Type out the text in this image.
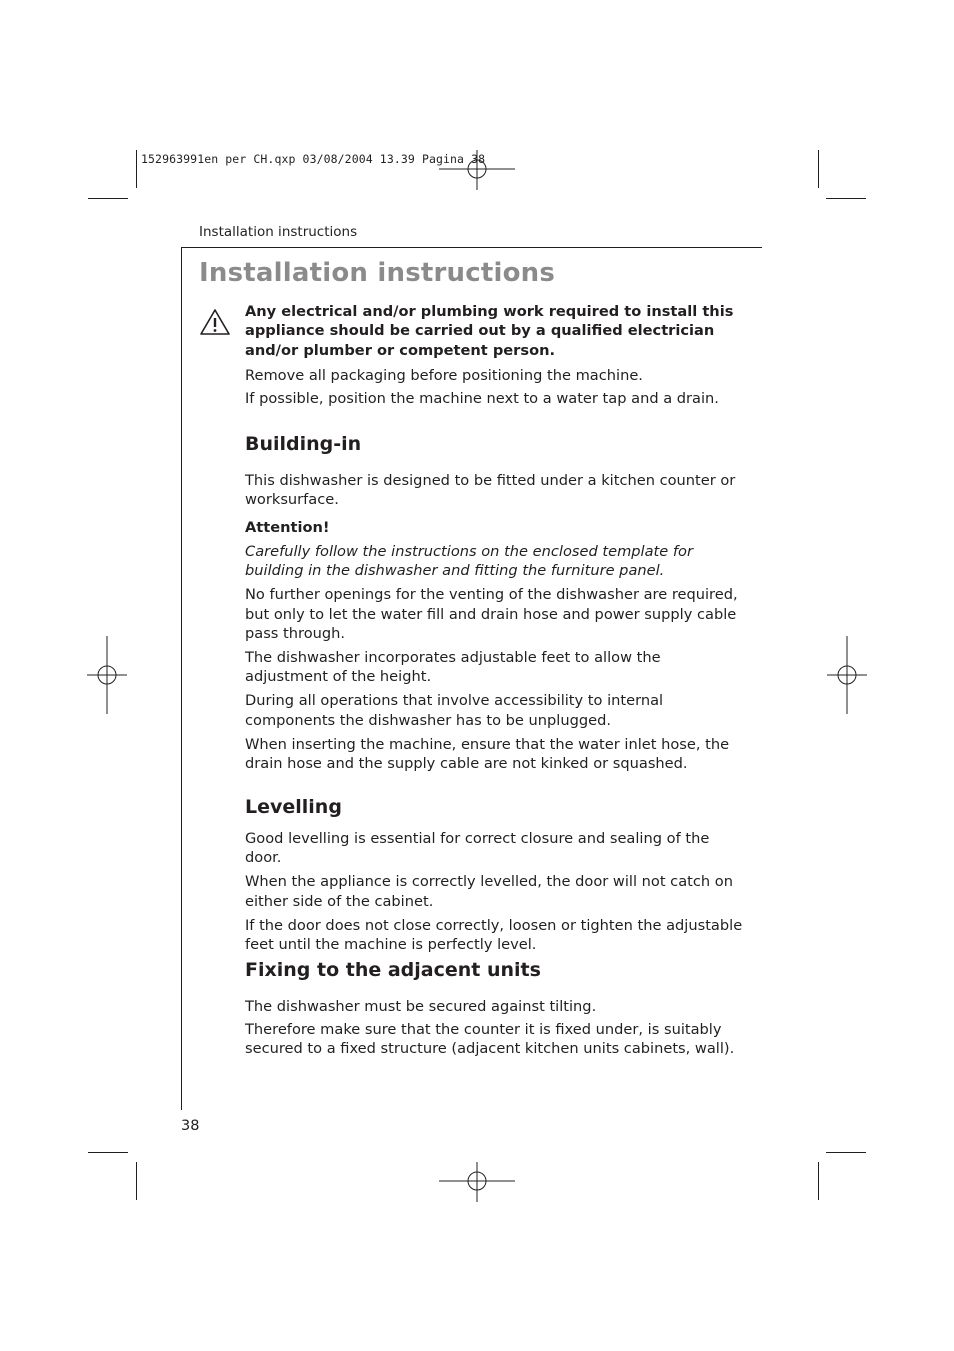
152963991en per CH.qxp 03/08/2004 13.39 Pagina 38
Installation instructions
Installation instructions

Any electrical and/or plumbing work required to install this appliance should be carried out by a qualified electrician and/or plumber or competent person.

Remove all packaging before positioning the machine.

If possible, position the machine next to a water tap and a drain.

Building-in

This dishwasher is designed to be fitted under a kitchen counter or worksurface.

Attention!

Carefully follow the instructions on the enclosed template for building in the dishwasher and fitting the furniture panel.

No further openings for the venting of the dishwasher are required, but only to let the water fill and drain hose and power supply cable pass through.

The dishwasher incorporates adjustable feet to allow the adjustment of the height.

During all operations that involve accessibility to internal components the dishwasher has to be unplugged.

When inserting the machine, ensure that the water inlet hose, the drain hose and the supply cable are not kinked or squashed.

Levelling

Good levelling is essential for correct closure and sealing of the door.

When the appliance is correctly levelled, the door will not catch on either side of the cabinet.

If the door does not close correctly, loosen or tighten the adjustable feet until the machine is perfectly level.

Fixing to the adjacent units

The dishwasher must be secured against tilting.

Therefore make sure that the counter it is fixed under, is suitably secured to a fixed structure (adjacent kitchen units cabinets, wall).

38
